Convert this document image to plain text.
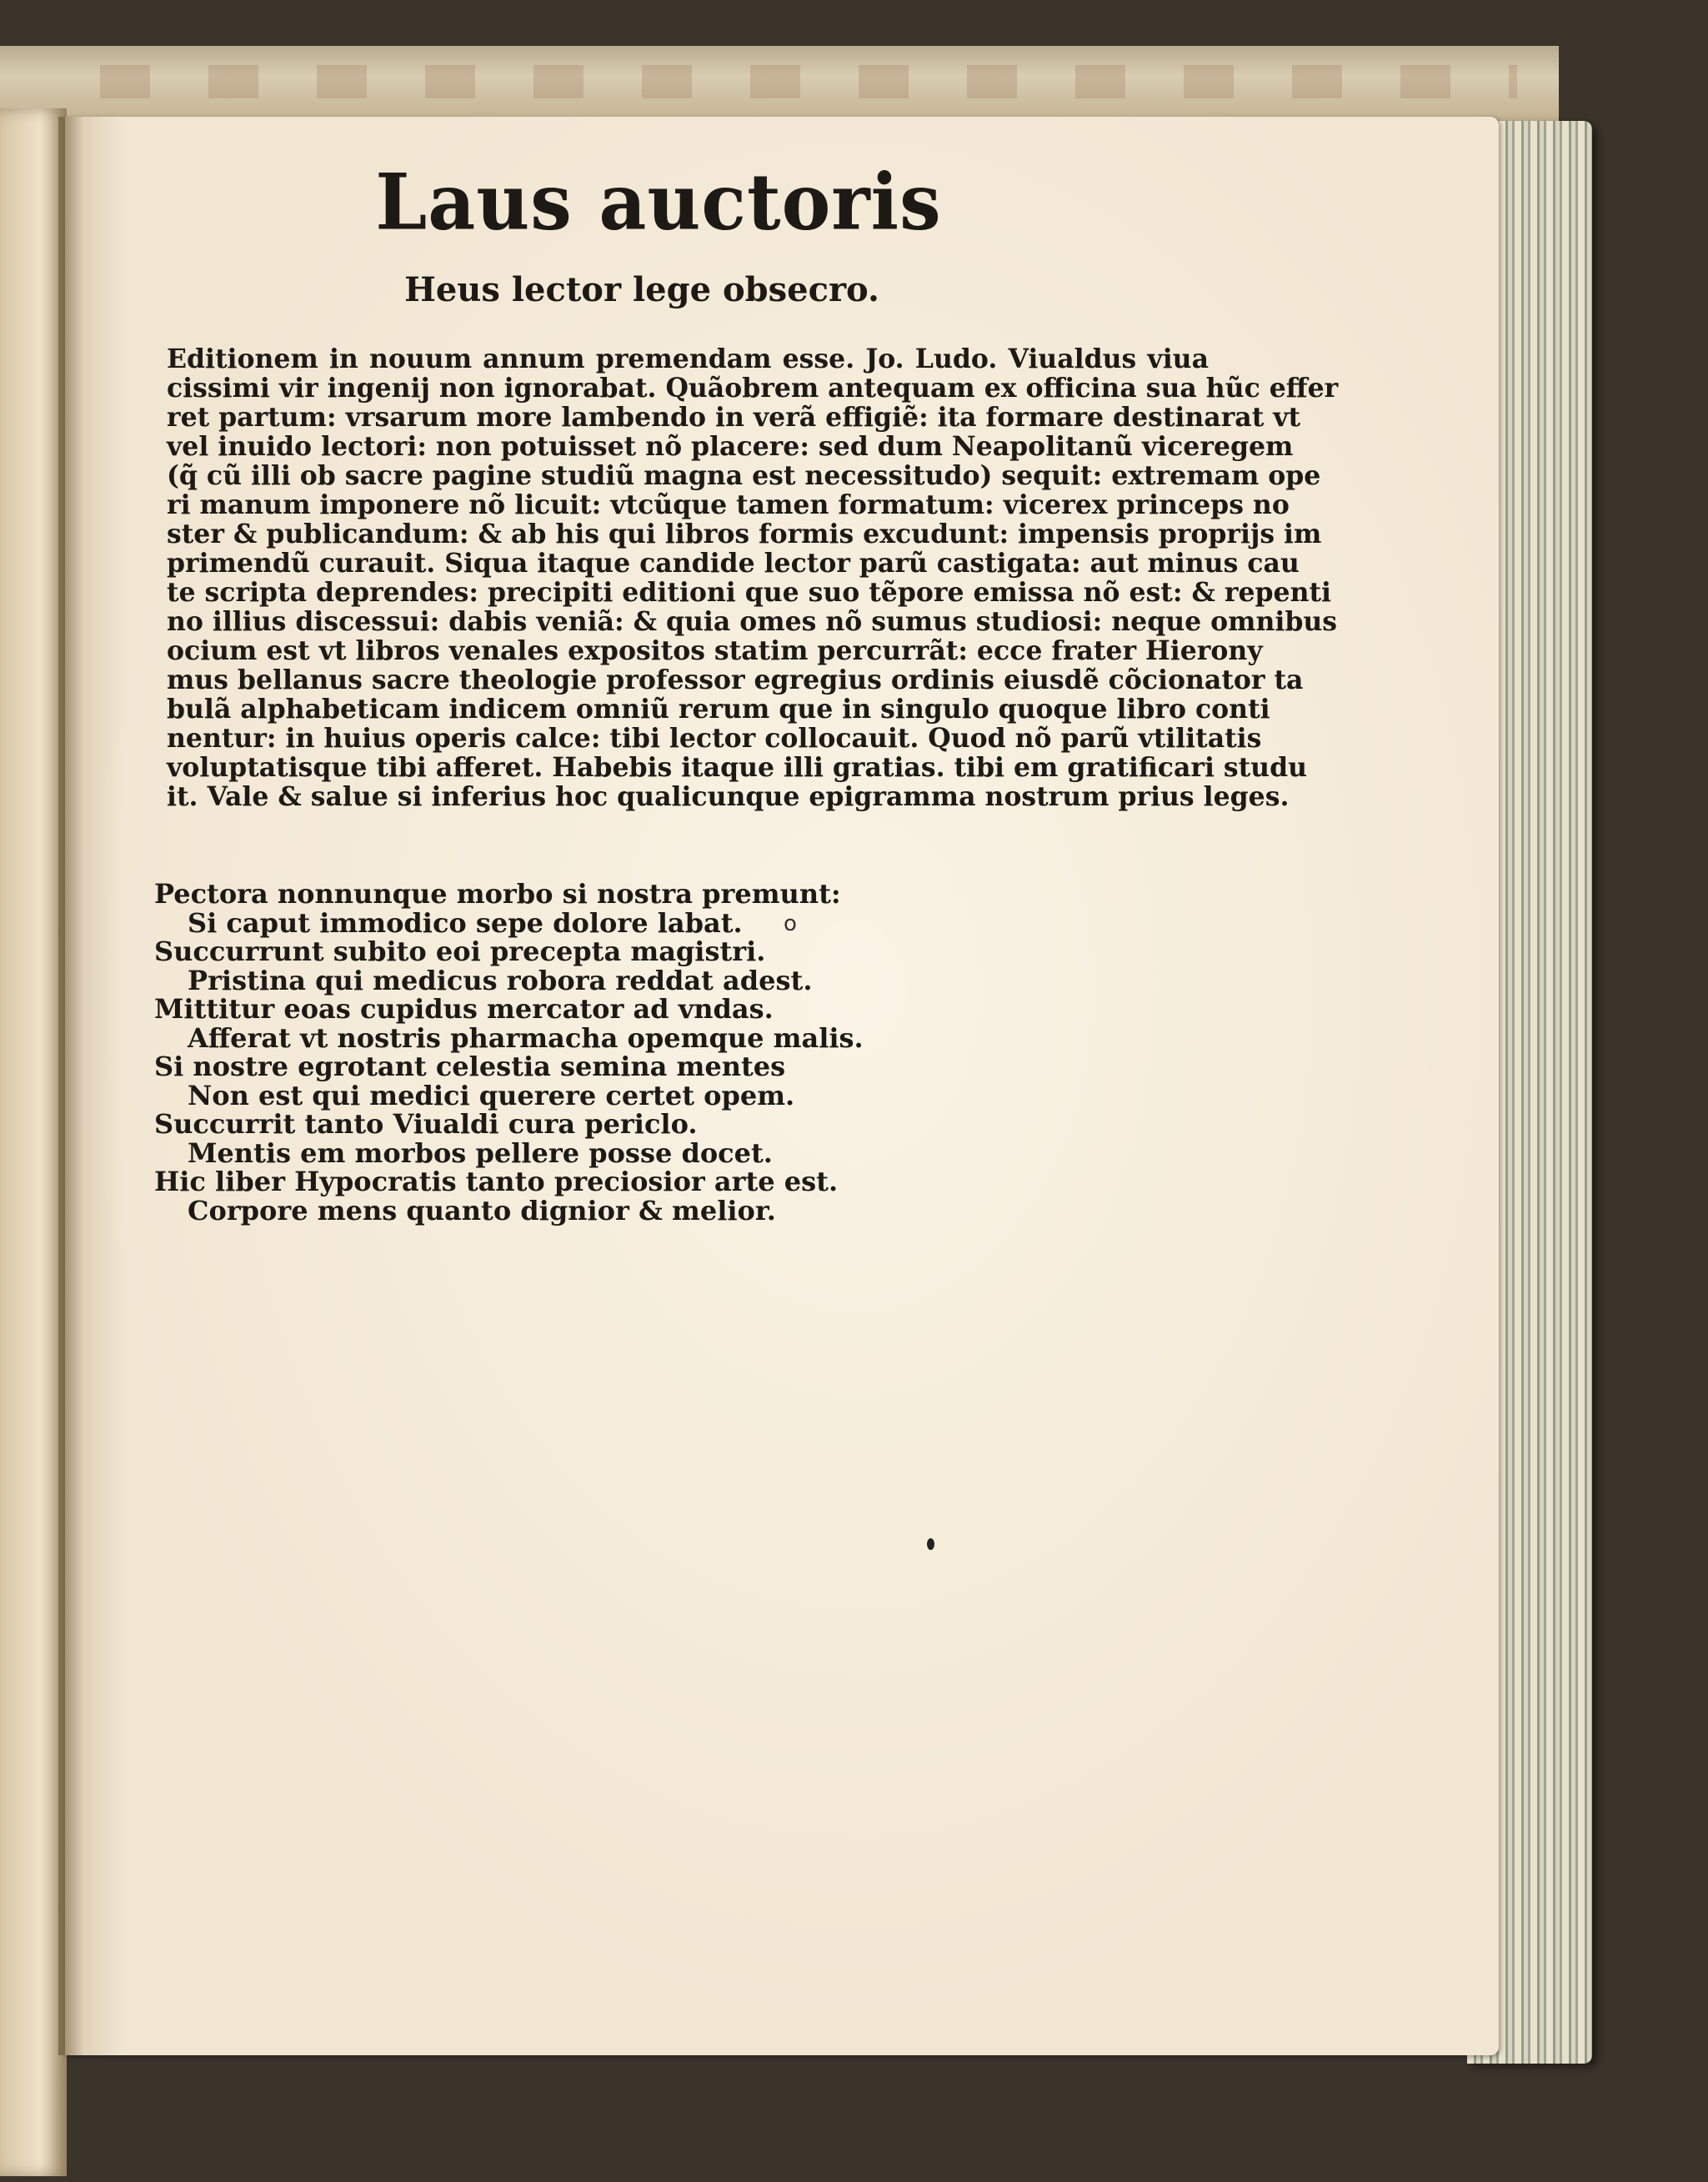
Laus auctoris
Heus lector lege obsecro.
Editionem in nouum annum premendam esse. Jo. Ludo. Viualdus viua
cissimi vir ingenij non ignorabat. Quãobrem antequam ex officina sua hũc effer
ret partum: vrsarum more lambendo in verã effigiẽ: ita formare destinarat vt
vel inuido lectori: non potuisset nõ placere: sed dum Neapolitanũ viceregem
(q̃ cũ illi ob sacre pagine studiũ magna est necessitudo) sequit: extremam ope
ri manum imponere nõ licuit: vtcũque tamen formatum: vicerex princeps no
ster & publicandum: & ab his qui libros formis excudunt: impensis proprijs im
primendũ curauit. Siqua itaque candide lector parũ castigata: aut minus cau
te scripta deprendes: precipiti editioni que suo tẽpore emissa nõ est: & repenti
no illius discessui: dabis veniã: & quia omes nõ sumus studiosi: neque omnibus
ocium est vt libros venales expositos statim percurrãt: ecce frater Hierony
mus bellanus sacre theologie professor egregius ordinis eiusdẽ cõcionator ta
bulã alphabeticam indicem omniũ rerum que in singulo quoque libro conti
nentur: in huius operis calce: tibi lector collocauit. Quod nõ parũ vtilitatis
voluptatisque tibi afferet. Habebis itaque illi gratias. tibi em gratificari studu
it. Vale & salue si inferius hoc qualicunque epigramma nostrum prius leges.
Pectora nonnunque morbo si nostra premunt:
Si caput immodico sepe dolore labat.
Succurrunt subito eoi precepta magistri.
Pristina qui medicus robora reddat adest.
Mittitur eoas cupidus mercator ad vndas.
Afferat vt nostris pharmacha opemque malis.
Si nostre egrotant celestia semina mentes
Non est qui medici querere certet opem.
Succurrit tanto Viualdi cura periclo.
Mentis em morbos pellere posse docet.
Hic liber Hypocratis tanto preciosior arte est.
Corpore mens quanto dignior & melior.
o
